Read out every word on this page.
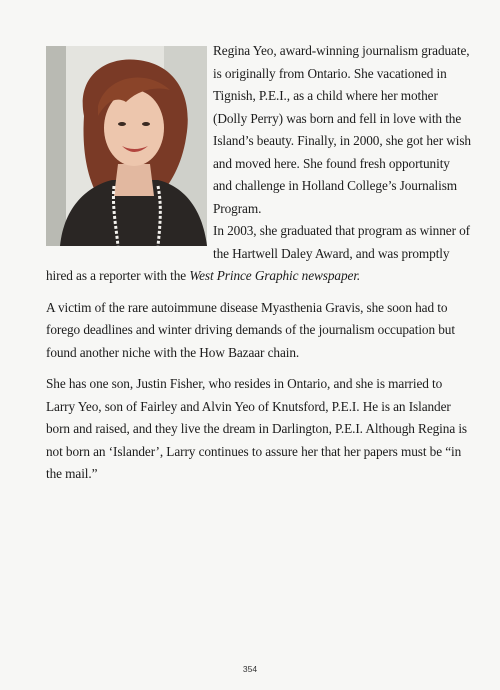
Regina Yeo, award-winning journalism graduate, is originally from Ontario. She vacationed in Tignish, P.E.I., as a child where her mother (Dolly Perry) was born and fell in love with the Island’s beauty. Finally, in 2000, she got her wish and moved here. She found fresh opportunity and challenge in Holland College’s Journalism Program.

In 2003, she graduated that program as winner of the Hartwell Daley Award, and was promptly hired as a reporter with the West Prince Graphic newspaper.

A victim of the rare autoimmune disease Myasthenia Gravis, she soon had to forego deadlines and winter driving demands of the journalism occupation but found another niche with the How Bazaar chain.

She has one son, Justin Fisher, who resides in Ontario, and she is married to Larry Yeo, son of Fairley and Alvin Yeo of Knutsford, P.E.I. He is an Islander born and raised, and they live the dream in Darlington, P.E.I. Although Regina is not born an ‘Islander’, Larry continues to assure her that her papers must be “in the mail.”

354
